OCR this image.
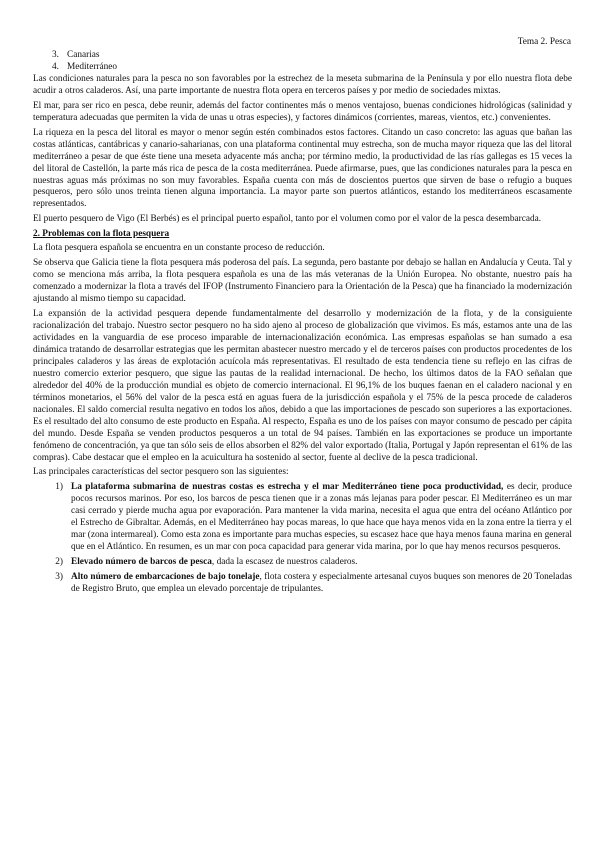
Tema 2. Pesca
3. Canarias
4. Mediterráneo

Las condiciones naturales para la pesca no son favorables por la estrechez de la meseta submarina de la Península y por ello nuestra flota debe acudir a otros caladeros. Así, una parte importante de nuestra flota opera en terceros países y por medio de sociedades mixtas.

El mar, para ser rico en pesca, debe reunir, además del factor continentes más o menos ventajoso, buenas condiciones hidrológicas (salinidad y temperatura adecuadas que permiten la vida de unas u otras especies), y factores dinámicos (corrientes, mareas, vientos, etc.) convenientes.

La riqueza en la pesca del litoral es mayor o menor según estén combinados estos factores. Citando un caso concreto: las aguas que bañan las costas atlánticas, cantábricas y canario-saharianas, con una plataforma continental muy estrecha, son de mucha mayor riqueza que las del litoral mediterráneo a pesar de que éste tiene una meseta adyacente más ancha; por término medio, la productividad de las rías gallegas es 15 veces la del litoral de Castellón, la parte más rica de pesca de la costa mediterránea. Puede afirmarse, pues, que las condiciones naturales para la pesca en nuestras aguas más próximas no son muy favorables. España cuenta con más de doscientos puertos que sirven de base o refugio a buques pesqueros, pero sólo unos treinta tienen alguna importancia. La mayor parte son puertos atlánticos, estando los mediterráneos escasamente representados.

El puerto pesquero de Vigo (El Berbés) es el principal puerto español, tanto por el volumen como por el valor de la pesca desembarcada.

2. Problemas con la flota pesquera

La flota pesquera española se encuentra en un constante proceso de reducción.

Se observa que Galicia tiene la flota pesquera más poderosa del país. La segunda, pero bastante por debajo se hallan en Andalucía y Ceuta. Tal y como se menciona más arriba, la flota pesquera española es una de las más veteranas de la Unión Europea. No obstante, nuestro país ha comenzado a modernizar la flota a través del IFOP (Instrumento Financiero para la Orientación de la Pesca) que ha financiado la modernización ajustando al mismo tiempo su capacidad.

La expansión de la actividad pesquera depende fundamentalmente del desarrollo y modernización de la flota, y de la consiguiente racionalización del trabajo. Nuestro sector pesquero no ha sido ajeno al proceso de globalización que vivimos. Es más, estamos ante una de las actividades en la vanguardia de ese proceso imparable de internacionalización económica. Las empresas españolas se han sumado a esa dinámica tratando de desarrollar estrategias que les permitan abastecer nuestro mercado y el de terceros países con productos procedentes de los principales caladeros y las áreas de explotación acuícola más representativas. El resultado de esta tendencia tiene su reflejo en las cifras de nuestro comercio exterior pesquero, que sigue las pautas de la realidad internacional. De hecho, los últimos datos de la FAO señalan que alrededor del 40% de la producción mundial es objeto de comercio internacional. El 96,1% de los buques faenan en el caladero nacional y en términos monetarios, el 56% del valor de la pesca está en aguas fuera de la jurisdicción española y el 75% de la pesca procede de caladeros nacionales. El saldo comercial resulta negativo en todos los años, debido a que las importaciones de pescado son superiores a las exportaciones. Es el resultado del alto consumo de este producto en España. Al respecto, España es uno de los países con mayor consumo de pescado per cápita del mundo. Desde España se venden productos pesqueros a un total de 94 países. También en las exportaciones se produce un importante fenómeno de concentración, ya que tan sólo seis de ellos absorben el 82% del valor exportado (Italia, Portugal y Japón representan el 61% de las compras). Cabe destacar que el empleo en la acuicultura ha sostenido al sector, fuente al declive de la pesca tradicional.

Las principales características del sector pesquero son las siguientes:

1) La plataforma submarina de nuestras costas es estrecha y el mar Mediterráneo tiene poca productividad, es decir, produce pocos recursos marinos. Por eso, los barcos de pesca tienen que ir a zonas más lejanas para poder pescar. El Mediterráneo es un mar casi cerrado y pierde mucha agua por evaporación. Para mantener la vida marina, necesita el agua que entra del océano Atlántico por el Estrecho de Gibraltar. Además, en el Mediterráneo hay pocas mareas, lo que hace que haya menos vida en la zona entre la tierra y el mar (zona intermareal). Como esta zona es importante para muchas especies, su escasez hace que haya menos fauna marina en general que en el Atlántico. En resumen, es un mar con poca capacidad para generar vida marina, por lo que hay menos recursos pesqueros.
2) Elevado número de barcos de pesca, dada la escasez de nuestros caladeros.
3) Alto número de embarcaciones de bajo tonelaje, flota costera y especialmente artesanal cuyos buques son menores de 20 Toneladas de Registro Bruto, que emplea un elevado porcentaje de tripulantes.
